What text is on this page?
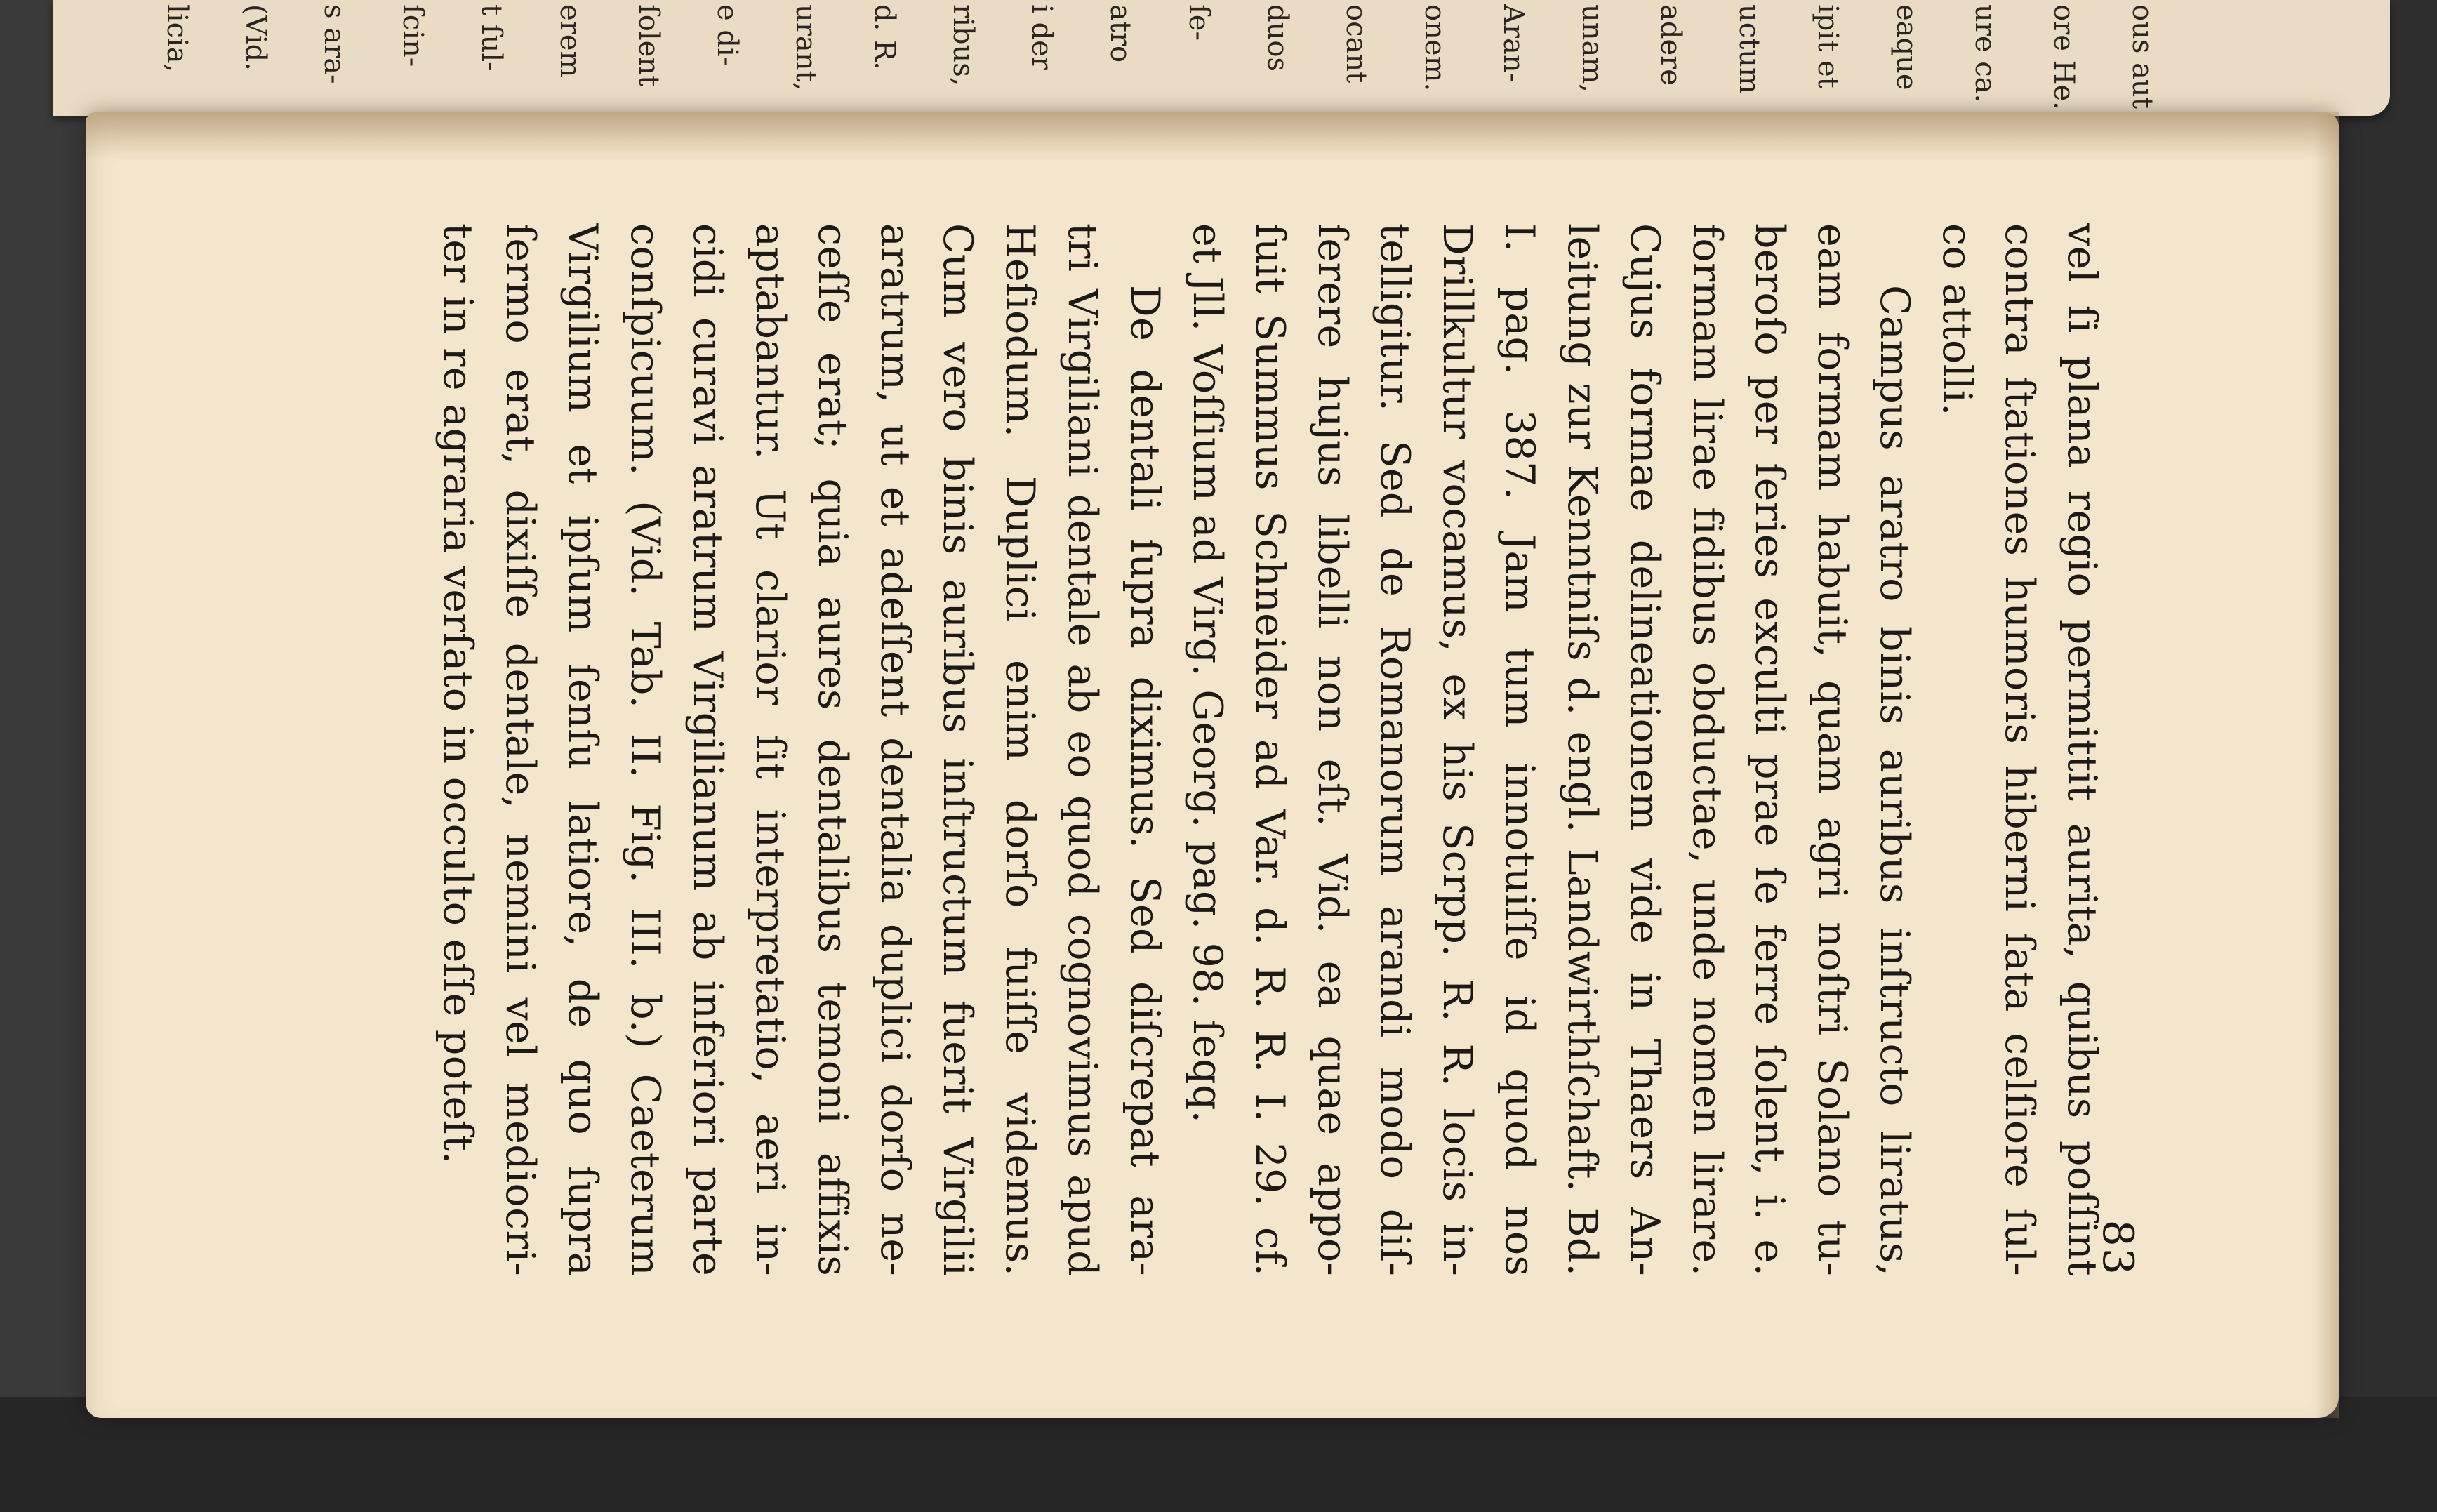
ous aut
ore He.
ure ca.
eaque
ipit et
uctum
adere
unam,
Aran-
onem.
ocant
duos
ſe-
atro
i der
ribus,
d. R.
urant,
e di-
ſolent
erem
t ſul-
ſcin-
s ara-
(Vid.
licia,
83
vel ſi plana regio permittit aurita, quibus poſſint
contra ſtationes humoris hiberni ſata celſiore ſul-
co attolli.
Campus aratro binis auribus inſtructo liratus,
eam formam habuit, quam agri noſtri Solano tu-
beroſo per ſeries exculti prae ſe ferre ſolent, i. e.
formam lirae fidibus obductae, unde nomen lirare.
Cujus formae delineationem vide in Thaers An-
leitung zur Kenntniſs d. engl. Landwirthſchaft. Bd.
I. pag. 387. Jam tum innotuiſſe id quod nos
Drillkultur vocamus, ex his Scrpp. R. R. locis in-
telligitur. Sed de Romanorum arandi modo diſ-
ſerere hujus libelli non eſt. Vid. ea quae appo-
ſuit Summus Schneider ad Var. d. R. R. I. 29. cf.
et Jll. Voſſium ad Virg. Georg. pag. 98. ſeqq.
De dentali ſupra diximus. Sed diſcrepat ara-
tri Virgiliani dentale ab eo quod cognovimus apud
Heſiodum. Duplici enim dorſo fuiſſe videmus.
Cum vero binis auribus inſtructum fuerit Virgilii
aratrum, ut et adeſſent dentalia duplici dorſo ne-
ceſſe erat; quia aures dentalibus temoni affixis
aptabantur. Ut clarior ſit interpretatio, aeri in-
cidi curavi aratrum Virgilianum ab inferiori parte
conſpicuum. (Vid. Tab. II. Fig. III. b.) Caeterum
Virgilium et ipſum ſenſu latiore, de quo ſupra
ſermo erat, dixiſſe dentale, nemini vel mediocri-
ter in re agraria verſato in occulto eſſe poteſt.
